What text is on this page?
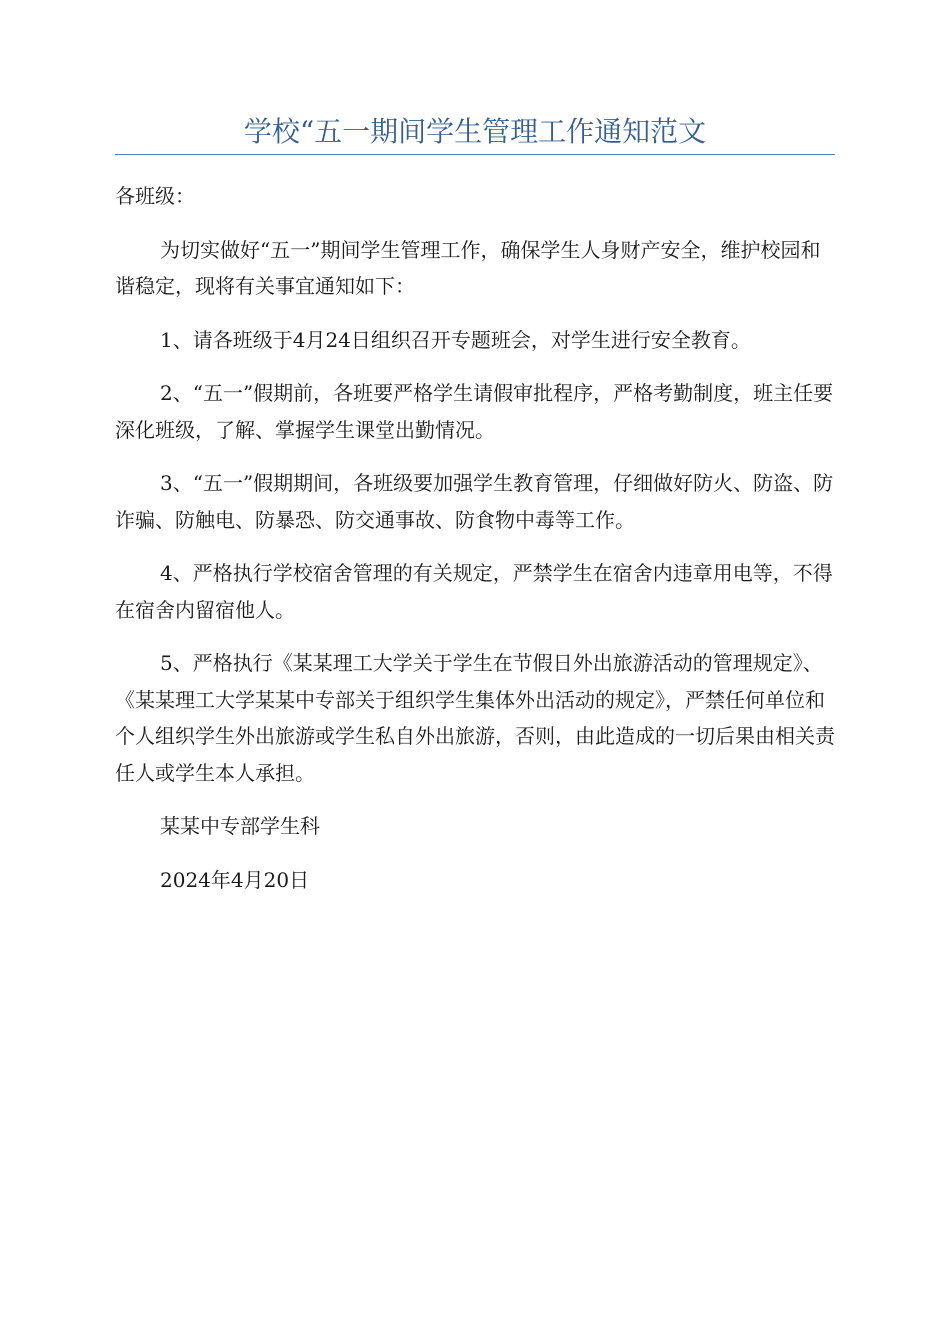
学校“五一期间学生管理工作通知范文

各班级：

为切实做好“五一”期间学生管理工作，确保学生人身财产安全，维护校园和谐稳定，现将有关事宜通知如下：

1、请各班级于4月24日组织召开专题班会，对学生进行安全教育。

2、“五一”假期前，各班要严格学生请假审批程序，严格考勤制度，班主任要深化班级，了解、掌握学生课堂出勤情况。

3、“五一”假期期间，各班级要加强学生教育管理，仔细做好防火、防盗、防诈骗、防触电、防暴恐、防交通事故、防食物中毒等工作。

4、严格执行学校宿舍管理的有关规定，严禁学生在宿舍内违章用电等，不得在宿舍内留宿他人。

5、严格执行《某某理工大学关于学生在节假日外出旅游活动的管理规定》、《某某理工大学某某中专部关于组织学生集体外出活动的规定》，严禁任何单位和个人组织学生外出旅游或学生私自外出旅游，否则，由此造成的一切后果由相关责任人或学生本人承担。

某某中专部学生科

2024年4月20日
